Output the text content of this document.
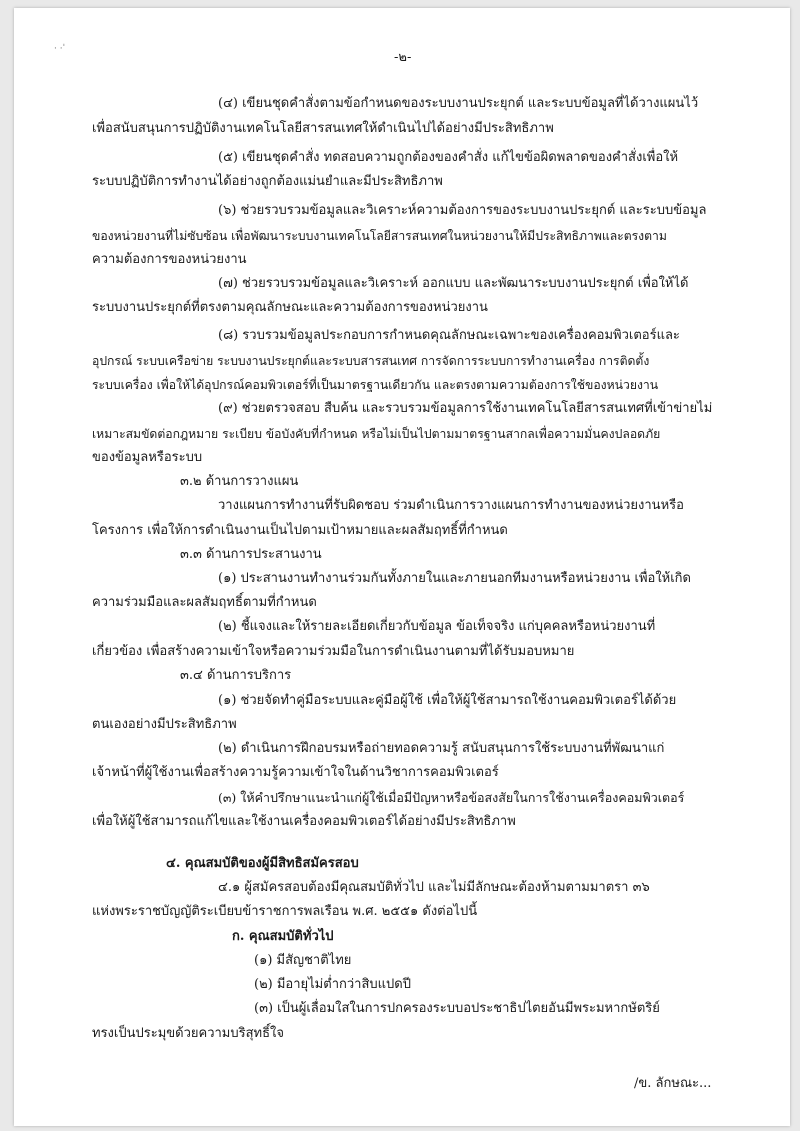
· ·ˈ
-๒-
(๔) เขียนชุดคำสั่งตามข้อกำหนดของระบบงานประยุกต์ และระบบข้อมูลที่ได้วางแผนไว้
เพื่อสนับสนุนการปฏิบัติงานเทคโนโลยีสารสนเทศให้ดำเนินไปได้อย่างมีประสิทธิภาพ
(๕) เขียนชุดคำสั่ง ทดสอบความถูกต้องของคำสั่ง แก้ไขข้อผิดพลาดของคำสั่งเพื่อให้
ระบบปฏิบัติการทำงานได้อย่างถูกต้องแม่นยำและมีประสิทธิภาพ
(๖) ช่วยรวบรวมข้อมูลและวิเคราะห์ความต้องการของระบบงานประยุกต์ และระบบข้อมูล
ของหน่วยงานที่ไม่ซับซ้อน เพื่อพัฒนาระบบงานเทคโนโลยีสารสนเทศในหน่วยงานให้มีประสิทธิภาพและตรงตาม
ความต้องการของหน่วยงาน
(๗) ช่วยรวบรวมข้อมูลและวิเคราะห์ ออกแบบ และพัฒนาระบบงานประยุกต์ เพื่อให้ได้
ระบบงานประยุกต์ที่ตรงตามคุณลักษณะและความต้องการของหน่วยงาน
(๘) รวบรวมข้อมูลประกอบการกำหนดคุณลักษณะเฉพาะของเครื่องคอมพิวเตอร์และ
อุปกรณ์ ระบบเครือข่าย ระบบงานประยุกต์และระบบสารสนเทศ การจัดการระบบการทำงานเครื่อง การติดตั้ง
ระบบเครื่อง เพื่อให้ได้อุปกรณ์คอมพิวเตอร์ที่เป็นมาตรฐานเดียวกัน และตรงตามความต้องการใช้ของหน่วยงาน
(๙) ช่วยตรวจสอบ สืบค้น และรวบรวมข้อมูลการใช้งานเทคโนโลยีสารสนเทศที่เข้าข่ายไม่
เหมาะสมขัดต่อกฎหมาย ระเบียบ ข้อบังคับที่กำหนด หรือไม่เป็นไปตามมาตรฐานสากลเพื่อความมั่นคงปลอดภัย
ของข้อมูลหรือระบบ
๓.๒ ด้านการวางแผน
วางแผนการทำงานที่รับผิดชอบ ร่วมดำเนินการวางแผนการทำงานของหน่วยงานหรือ
โครงการ เพื่อให้การดำเนินงานเป็นไปตามเป้าหมายและผลสัมฤทธิ์ที่กำหนด
๓.๓ ด้านการประสานงาน
(๑) ประสานงานทำงานร่วมกันทั้งภายในและภายนอกทีมงานหรือหน่วยงาน เพื่อให้เกิด
ความร่วมมือและผลสัมฤทธิ์ตามที่กำหนด
(๒) ชี้แจงและให้รายละเอียดเกี่ยวกับข้อมูล ข้อเท็จจริง แก่บุคคลหรือหน่วยงานที่
เกี่ยวข้อง เพื่อสร้างความเข้าใจหรือความร่วมมือในการดำเนินงานตามที่ได้รับมอบหมาย
๓.๔ ด้านการบริการ
(๑) ช่วยจัดทำคู่มือระบบและคู่มือผู้ใช้ เพื่อให้ผู้ใช้สามารถใช้งานคอมพิวเตอร์ได้ด้วย
ตนเองอย่างมีประสิทธิภาพ
(๒) ดำเนินการฝึกอบรมหรือถ่ายทอดความรู้ สนับสนุนการใช้ระบบงานที่พัฒนาแก่
เจ้าหน้าที่ผู้ใช้งานเพื่อสร้างความรู้ความเข้าใจในด้านวิชาการคอมพิวเตอร์
(๓) ให้คำปรึกษาแนะนำแก่ผู้ใช้เมื่อมีปัญหาหรือข้อสงสัยในการใช้งานเครื่องคอมพิวเตอร์
เพื่อให้ผู้ใช้สามารถแก้ไขและใช้งานเครื่องคอมพิวเตอร์ได้อย่างมีประสิทธิภาพ
๔. คุณสมบัติของผู้มีสิทธิสมัครสอบ
๔.๑ ผู้สมัครสอบต้องมีคุณสมบัติทั่วไป และไม่มีลักษณะต้องห้ามตามมาตรา ๓๖
แห่งพระราชบัญญัติระเบียบข้าราชการพลเรือน พ.ศ. ๒๕๕๑ ดังต่อไปนี้
ก. คุณสมบัติทั่วไป
(๑) มีสัญชาติไทย
(๒) มีอายุไม่ต่ำกว่าสิบแปดปี
(๓) เป็นผู้เลื่อมใสในการปกครองระบบอประชาธิปไตยอันมีพระมหากษัตริย์
ทรงเป็นประมุขด้วยความบริสุทธิ์ใจ
/ข. ลักษณะ...
